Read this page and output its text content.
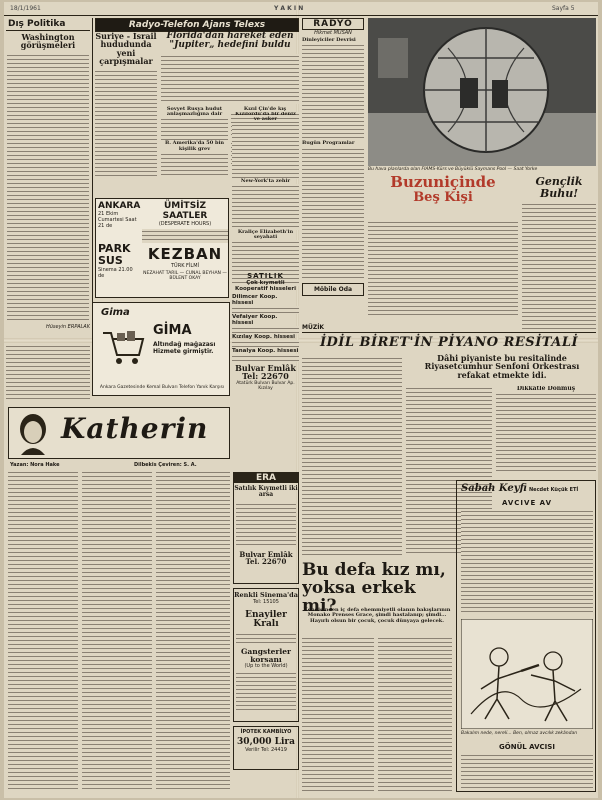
18/1/1961	Y A K I N	Sayfa 5
Dış Politika
Washington görüşmeleri
Hüseyin ERPALAK
Radyo-Telefon Ajans Telexs
Suriye - İsrail hududunda yeni çarpışmalar
Florida'dan hareket eden "Jupiter„ hedefini buldu
Sovyet Rusya hudut anlaşmazlığına dair
B. Amerika'da 50 bin kişilik grev
Kızıl Çin'de kış
ANKARA
21 Ekim Cumartesi Saat 21 de
PARK SUS
Sinema 21.00 de
ÜMİTSİZ SAATLER
(DESPERATE HOURS)
KEZBAN
TÜRK FİLMİ
NEZAHAT TARIL — CUNAL BEYHAN — BÜLENT OKAY
Kızılordu'da bir deniz ve asker
New-York'ta zehir
Kraliçe Elizabeth'in seyahati
RADYO
Hikmet MUSAN
Dinleyiciler Devrisi
Bugün Programlar
Möbile Oda
Bu hava planlarda olan FIAMS-Kürs ve Büyüklü Saymans Pool — Saat Yorke
Buzuniçinde
Beş Kişi
Gençlik Buhu!
SATILIK
Çok kıymetli Kooperatif hisseleri
Dilimcer Koop. hissesi
Vefaiyer Koop. hissesi
Kızılay Koop. hissesi
Tanalya Koop. hissesi
Bulvar Emlâk
Tel: 22670
Atatürk Bulvarı Bulvar Ap. Kızılay
Gima
GİMA
Altındağ mağazası Hizmete girmiştir.
Ankara Gazetesinde Kemal Bulvarı Telefon Yanık Karşısı
Katherin
Yazan: Nora Hake	Dilbekis Çeviren: S. A.
ERA
Satılık Kıymetli iki arsa
Bulvar Emlâk
Tel. 22670
Renkli Sinema'da
Tel: 15105
Enayiler Kralı
Gangsterler korsanı
(Up to the World)
İPOTEK KAMBİLYO
30,000 Lira
Verilir Tel: 24419
MÜZİK
İDİL BİRET'İN PİYANO RESİTALİ
Dâhi piyaniste bu resitalinde Riyasetcumhur Senfoni Orkestrası refakat etmekte idi.
Dikkatle Dönmüş
Bu defa kız mı,
yoksa erkek mi?
Kendisinden iç defa ehemmiyetli olanın bakışlarının Monako Prenses Grace, şimdi hastalanıp; şimdi... Hayırlı olsun bir çocuk, çocuk dünyaya gelecek.
Sabah Keyfi Necdet Küçük ETİ
AVCIVE AV
Bakalım nede, nereli... Ben, olmaz avcılık zekândan
GÖNÜL AVCISI
